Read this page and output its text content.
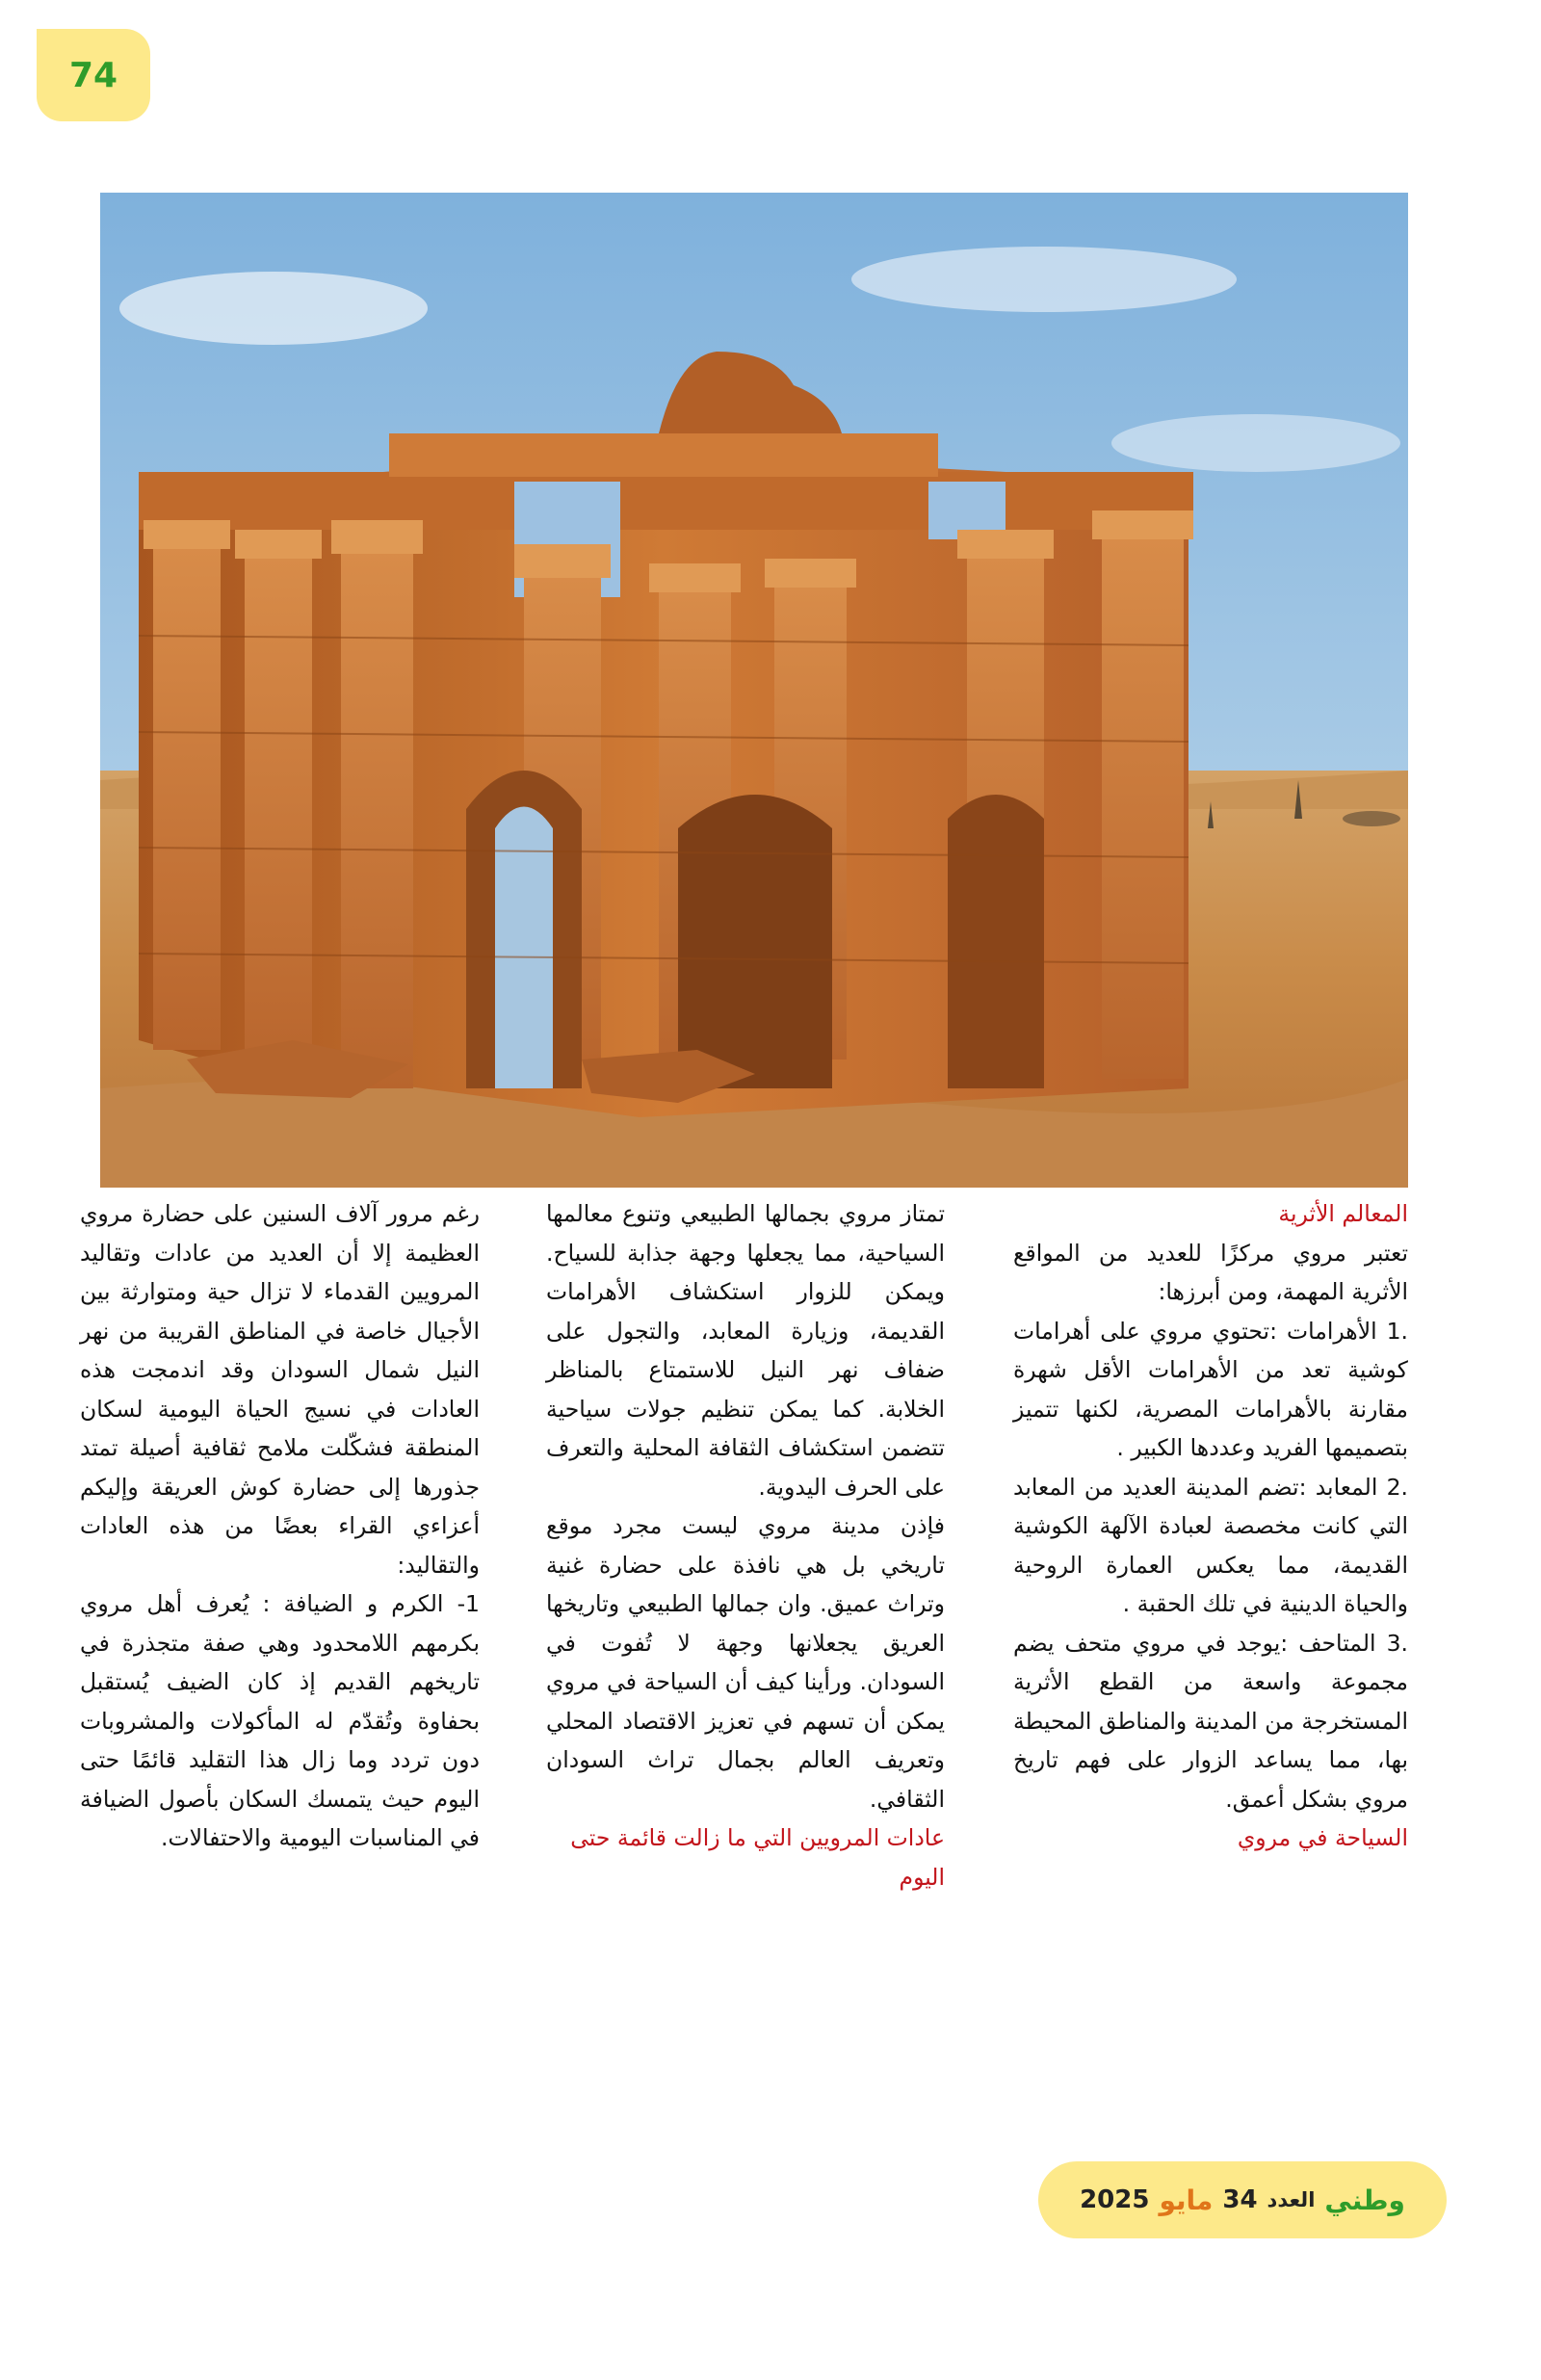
74

المعالم الأثرية

تعتبر مروي مركزًا للعديد من المواقع الأثرية المهمة، ومن أبرزها:

.1 الأهرامات :تحتوي مروي على أهرامات كوشية تعد من الأهرامات الأقل شهرة مقارنة بالأهرامات المصرية، لكنها تتميز بتصميمها الفريد وعددها الكبير .

.2 المعابد :تضم المدينة العديد من المعابد التي كانت مخصصة لعبادة الآلهة الكوشية القديمة، مما يعكس العمارة الروحية والحياة الدينية في تلك الحقبة .

.3 المتاحف :يوجد في مروي متحف يضم مجموعة واسعة من القطع الأثرية المستخرجة من المدينة والمناطق المحيطة بها، مما يساعد الزوار على فهم تاريخ مروي بشكل أعمق.

السياحة في مروي

تمتاز مروي بجمالها الطبيعي وتنوع معالمها السياحية، مما يجعلها وجهة جذابة للسياح. ويمكن للزوار استكشاف الأهرامات القديمة، وزيارة المعابد، والتجول على ضفاف نهر النيل للاستمتاع بالمناظر الخلابة. كما يمكن تنظيم جولات سياحية تتضمن استكشاف الثقافة المحلية والتعرف على الحرف اليدوية.

فإذن مدينة مروي ليست مجرد موقع تاريخي بل هي نافذة على حضارة غنية وتراث عميق. وان جمالها الطبيعي وتاريخها العريق يجعلانها وجهة لا تُفوت في السودان. ورأينا كيف أن السياحة في مروي يمكن أن تسهم في تعزيز الاقتصاد المحلي وتعريف العالم بجمال تراث السودان الثقافي.

عادات المرويين التي ما زالت قائمة حتى اليوم

رغم مرور آلاف السنين على حضارة مروي العظيمة إلا أن العديد من عادات وتقاليد المرويين القدماء لا تزال حية ومتوارثة بين الأجيال خاصة في المناطق القريبة من نهر النيل شمال السودان وقد اندمجت هذه العادات في نسيج الحياة اليومية لسكان المنطقة فشكّلت ملامح ثقافية أصيلة تمتد جذورها إلى حضارة كوش العريقة وإليكم أعزاءي القراء بعضًا من هذه العادات والتقاليد:

1- الكرم و الضيافة : يُعرف أهل مروي بكرمهم اللامحدود وهي صفة متجذرة في تاريخهم القديم إذ كان الضيف يُستقبل بحفاوة وتُقدّم له المأكولات والمشروبات دون تردد وما زال هذا التقليد قائمًا حتى اليوم حيث يتمسك السكان بأصول الضيافة في المناسبات اليومية والاحتفالات.

وطني
العدد
34
مايو
2025
